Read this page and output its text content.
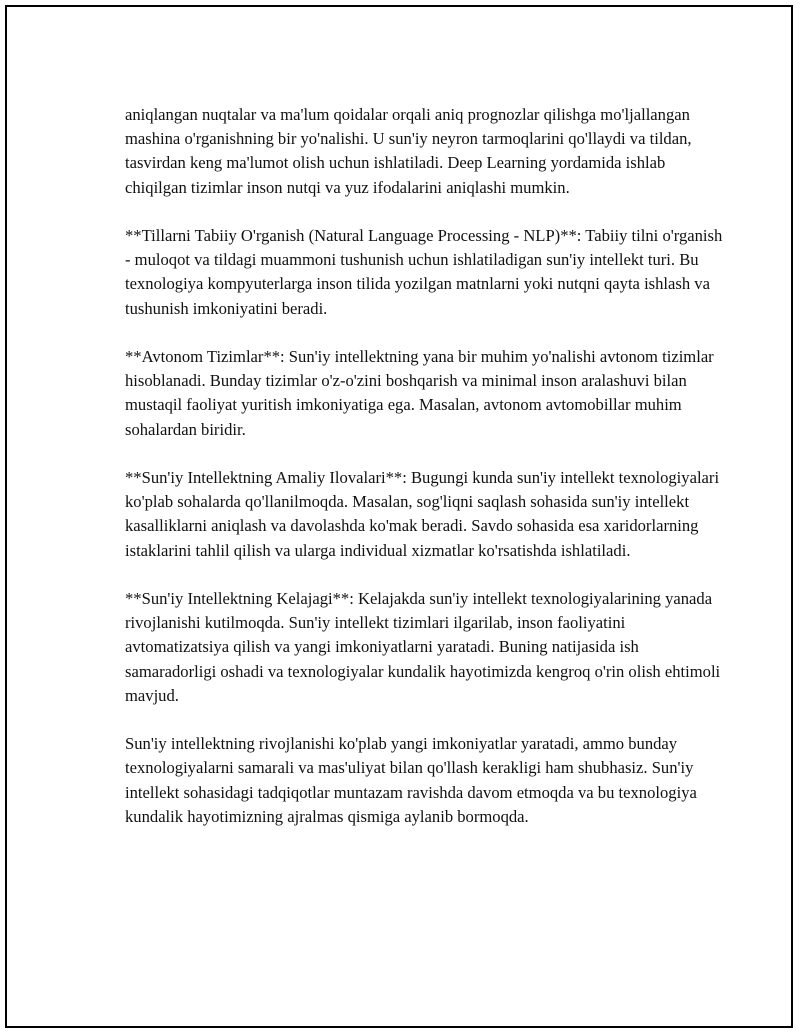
aniqlangan nuqtalar va ma'lum qoidalar orqali aniq prognozlar qilishga mo'ljallangan mashina o'rganishning bir yo'nalishi. U sun'iy neyron tarmoqlarini qo'llaydi va tildan, tasvirdan keng ma'lumot olish uchun ishlatiladi. Deep Learning yordamida ishlab chiqilgan tizimlar inson nutqi va yuz ifodalarini aniqlashi mumkin.

**Tillarni Tabiiy O'rganish (Natural Language Processing - NLP)**: Tabiiy tilni o'rganish - muloqot va tildagi muammoni tushunish uchun ishlatiladigan sun'iy intellekt turi. Bu texnologiya kompyuterlarga inson tilida yozilgan matnlarni yoki nutqni qayta ishlash va tushunish imkoniyatini beradi.

**Avtonom Tizimlar**: Sun'iy intellektning yana bir muhim yo'nalishi avtonom tizimlar hisoblanadi. Bunday tizimlar o'z-o'zini boshqarish va minimal inson aralashuvi bilan mustaqil faoliyat yuritish imkoniyatiga ega. Masalan, avtonom avtomobillar muhim sohalardan biridir.

**Sun'iy Intellektning Amaliy Ilovalari**: Bugungi kunda sun'iy intellekt texnologiyalari ko'plab sohalarda qo'llanilmoqda. Masalan, sog'liqni saqlash sohasida sun'iy intellekt kasalliklarni aniqlash va davolashda ko'mak beradi. Savdo sohasida esa xaridorlarning istaklarini tahlil qilish va ularga individual xizmatlar ko'rsatishda ishlatiladi.

**Sun'iy Intellektning Kelajagi**: Kelajakda sun'iy intellekt texnologiyalarining yanada rivojlanishi kutilmoqda. Sun'iy intellekt tizimlari ilgarilab, inson faoliyatini avtomatizatsiya qilish va yangi imkoniyatlarni yaratadi. Buning natijasida ish samaradorligi oshadi va texnologiyalar kundalik hayotimizda kengroq o'rin olish ehtimoli mavjud.

Sun'iy intellektning rivojlanishi ko'plab yangi imkoniyatlar yaratadi, ammo bunday texnologiyalarni samarali va mas'uliyat bilan qo'llash kerakligi ham shubhasiz. Sun'iy intellekt sohasidagi tadqiqotlar muntazam ravishda davom etmoqda va bu texnologiya kundalik hayotimizning ajralmas qismiga aylanib bormoqda.
